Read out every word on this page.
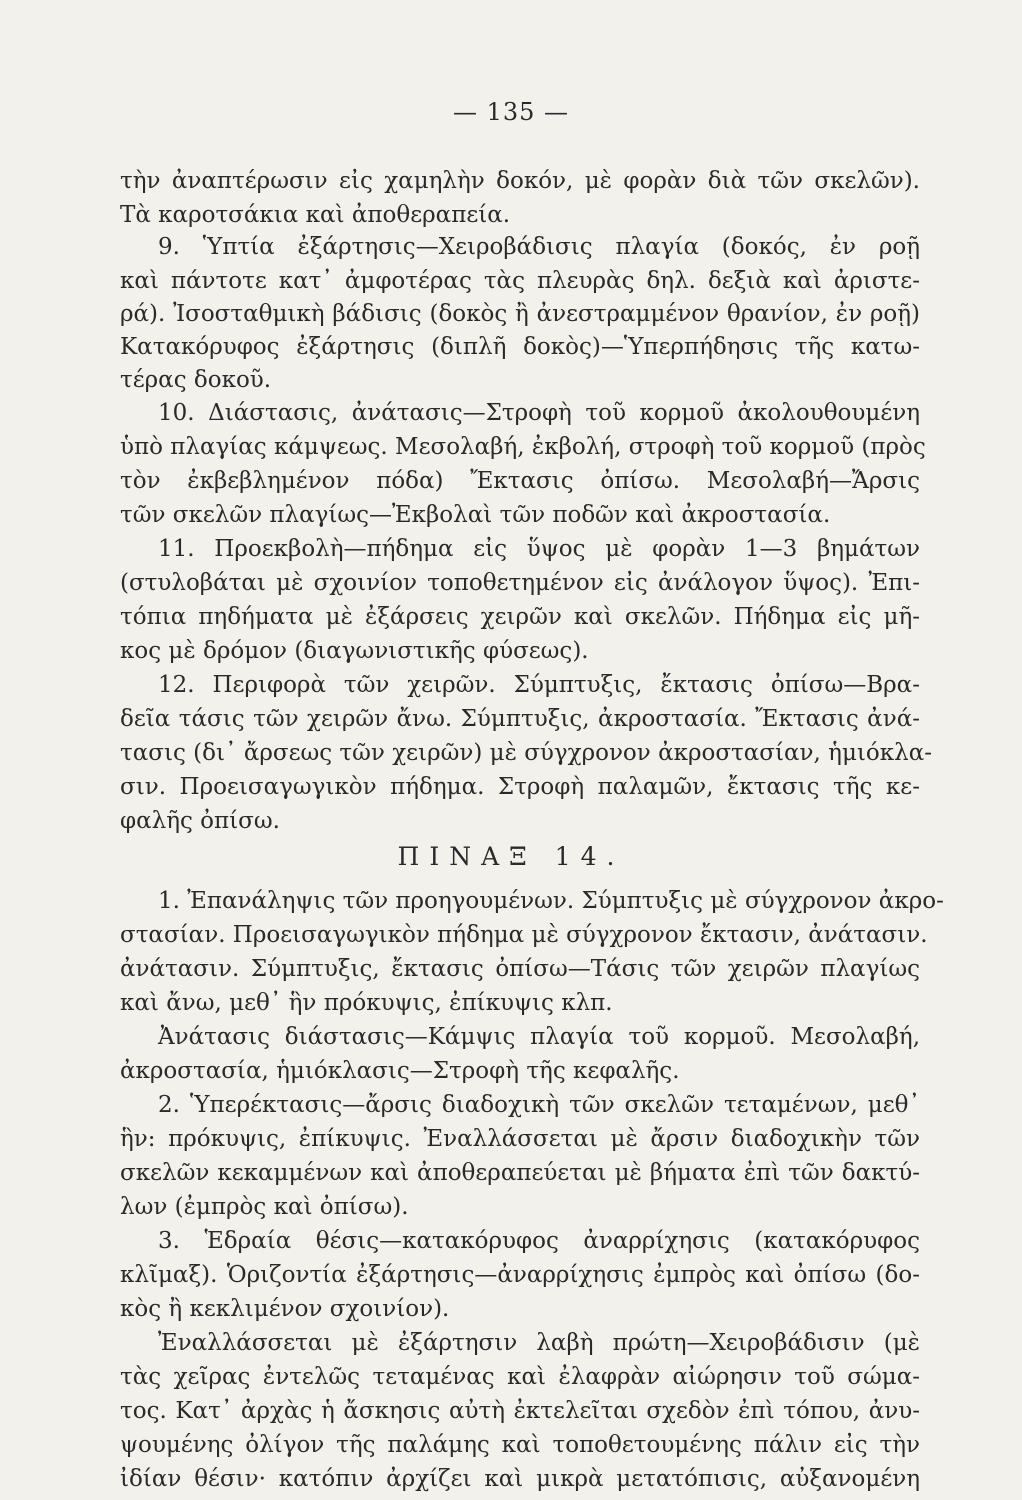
— 135 —
τὴν ἀναπτέρωσιν εἰς χαμηλὴν δοκόν, μὲ φορὰν διὰ τῶν σκελῶν).
Τὰ καροτσάκια καὶ ἀποθεραπεία.
9. Ὑπτία ἐξάρτησις—Χειροβάδισις πλαγία (δοκός, ἐν ροῇ
καὶ πάντοτε κατ᾽ ἀμφοτέρας τὰς πλευρὰς δηλ. δεξιὰ καὶ ἀριστε-
ρά). Ἰσοσταθμικὴ βάδισις (δοκὸς ἢ ἀνεστραμμένον θρανίον, ἐν ροῇ)
Κατακόρυφος ἐξάρτησις (διπλῆ δοκὸς)—Ὑπερπήδησις τῆς κατω-
τέρας δοκοῦ.
10. Διάστασις, ἀνάτασις—Στροφὴ τοῦ κορμοῦ ἀκολουθουμένη
ὑπὸ πλαγίας κάμψεως. Μεσολαβή, ἐκβολή, στροφὴ τοῦ κορμοῦ (πρὸς
τὸν ἐκβεβλημένον πόδα) Ἔκτασις ὀπίσω. Μεσολαβή—Ἄρσις
τῶν σκελῶν πλαγίως—Ἐκβολαὶ τῶν ποδῶν καὶ ἀκροστασία.
11. Προεκβολὴ—πήδημα εἰς ὕψος μὲ φορὰν 1—3 βημάτων
(στυλοβάται μὲ σχοινίον τοποθετημένον εἰς ἀνάλογον ὕψος). Ἐπι-
τόπια πηδήματα μὲ ἐξάρσεις χειρῶν καὶ σκελῶν. Πήδημα εἰς μῆ-
κος μὲ δρόμον (διαγωνιστικῆς φύσεως).
12. Περιφορὰ τῶν χειρῶν. Σύμπτυξις, ἔκτασις ὀπίσω—Βρα-
δεῖα τάσις τῶν χειρῶν ἄνω. Σύμπτυξις, ἀκροστασία. Ἔκτασις ἀνά-
τασις (δι᾽ ἄρσεως τῶν χειρῶν) μὲ σύγχρονον ἀκροστασίαν, ἡμιόκλα-
σιν. Προεισαγωγικὸν πήδημα. Στροφὴ παλαμῶν, ἔκτασις τῆς κε-
φαλῆς ὀπίσω.
ΠΙΝΑΞ 14.
1. Ἐπανάληψις τῶν προηγουμένων. Σύμπτυξις μὲ σύγχρονον ἀκρο-
στασίαν. Προεισαγωγικὸν πήδημα μὲ σύγχρονον ἔκτασιν, ἀνάτασιν.
ἀνάτασιν. Σύμπτυξις, ἔκτασις ὀπίσω—Τάσις τῶν χειρῶν πλαγίως
καὶ ἄνω, μεθ᾽ ἣν πρόκυψις, ἐπίκυψις κλπ.
Ἀνάτασις διάστασις—Κάμψις πλαγία τοῦ κορμοῦ. Μεσολαβή,
ἀκροστασία, ἡμιόκλασις—Στροφὴ τῆς κεφαλῆς.
2. Ὑπερέκτασις—ἄρσις διαδοχικὴ τῶν σκελῶν τεταμένων, μεθ᾽
ἣν: πρόκυψις, ἐπίκυψις. Ἐναλλάσσεται μὲ ἄρσιν διαδοχικὴν τῶν
σκελῶν κεκαμμένων καὶ ἀποθεραπεύεται μὲ βήματα ἐπὶ τῶν δακτύ-
λων (ἐμπρὸς καὶ ὀπίσω).
3. Ἑδραία θέσις—κατακόρυφος ἀναρρίχησις (κατακόρυφος
κλῖμαξ). Ὁριζοντία ἐξάρτησις—ἀναρρίχησις ἐμπρὸς καὶ ὀπίσω (δο-
κὸς ἢ κεκλιμένον σχοινίον).
Ἐναλλάσσεται μὲ ἐξάρτησιν λαβὴ πρώτη—Χειροβάδισιν (μὲ
τὰς χεῖρας ἐντελῶς τεταμένας καὶ ἐλαφρὰν αἰώρησιν τοῦ σώμα-
τος. Κατ᾽ ἀρχὰς ἡ ἄσκησις αὐτὴ ἐκτελεῖται σχεδὸν ἐπὶ τόπου, ἀνυ-
ψουμένης ὀλίγον τῆς παλάμης καὶ τοποθετουμένης πάλιν εἰς τὴν
ἰδίαν θέσιν· κατόπιν ἀρχίζει καὶ μικρὰ μετατόπισις, αὐξανομένη
